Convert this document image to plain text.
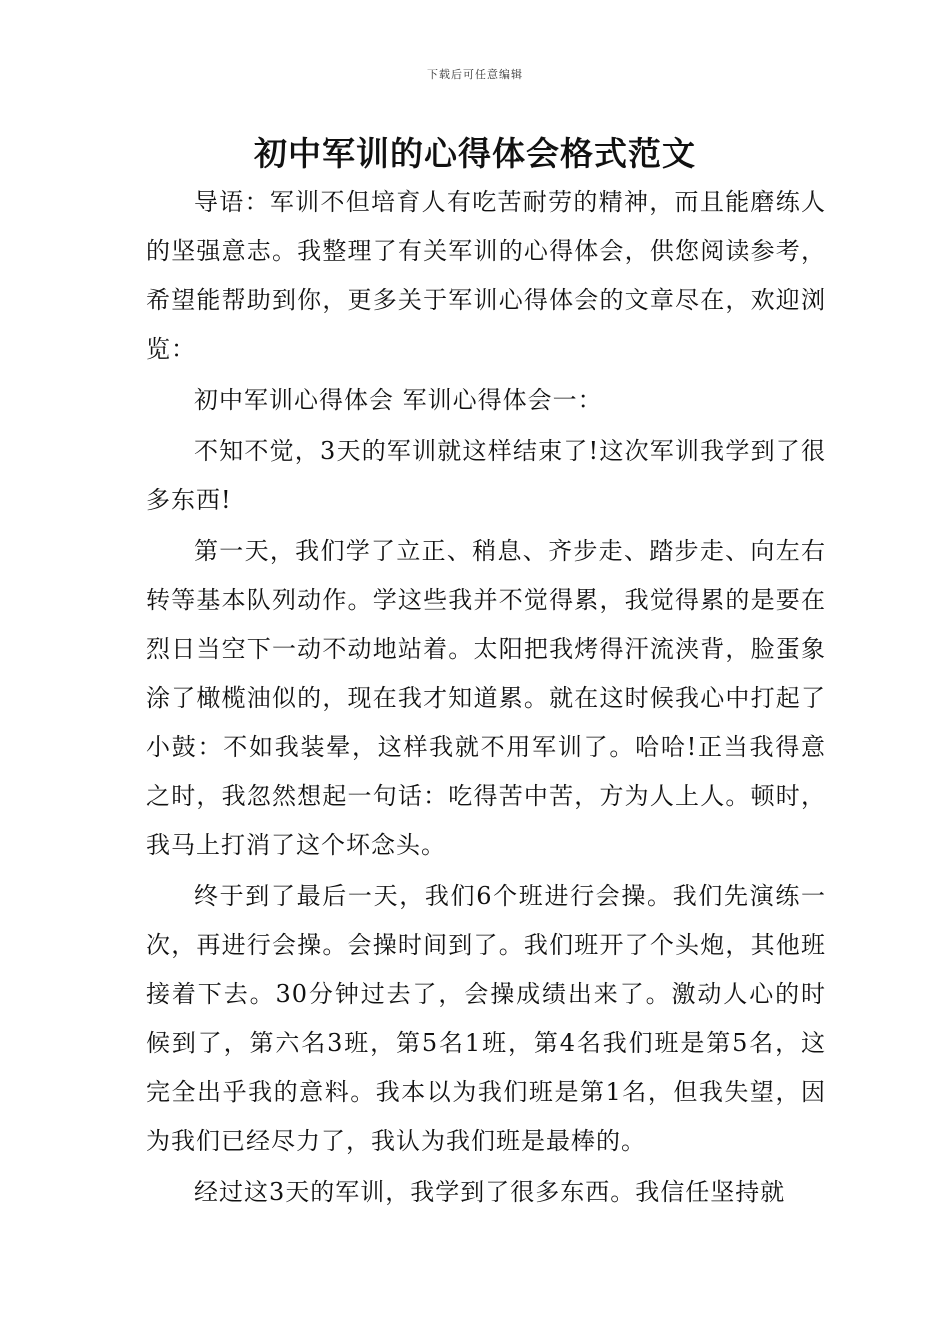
下载后可任意编辑
初中军训的心得体会格式范文

导语：军训不但培育人有吃苦耐劳的精神，而且能磨练人的坚强意志。我整理了有关军训的心得体会，供您阅读参考，希望能帮助到你，更多关于军训心得体会的文章尽在，欢迎浏览：

初中军训心得体会 军训心得体会一：

不知不觉，3天的军训就这样结束了!这次军训我学到了很多东西!

第一天，我们学了立正、稍息、齐步走、踏步走、向左右转等基本队列动作。学这些我并不觉得累，我觉得累的是要在烈日当空下一动不动地站着。太阳把我烤得汗流浃背，脸蛋象涂了橄榄油似的，现在我才知道累。就在这时候我心中打起了小鼓：不如我装晕，这样我就不用军训了。哈哈!正当我得意之时，我忽然想起一句话：吃得苦中苦，方为人上人。顿时，我马上打消了这个坏念头。

终于到了最后一天，我们6个班进行会操。我们先演练一次，再进行会操。会操时间到了。我们班开了个头炮，其他班接着下去。30分钟过去了，会操成绩出来了。激动人心的时候到了，第六名3班，第5名1班，第4名我们班是第5名，这完全出乎我的意料。我本以为我们班是第1名，但我失望，因为我们已经尽力了，我认为我们班是最棒的。

经过这3天的军训，我学到了很多东西。我信任坚持就
